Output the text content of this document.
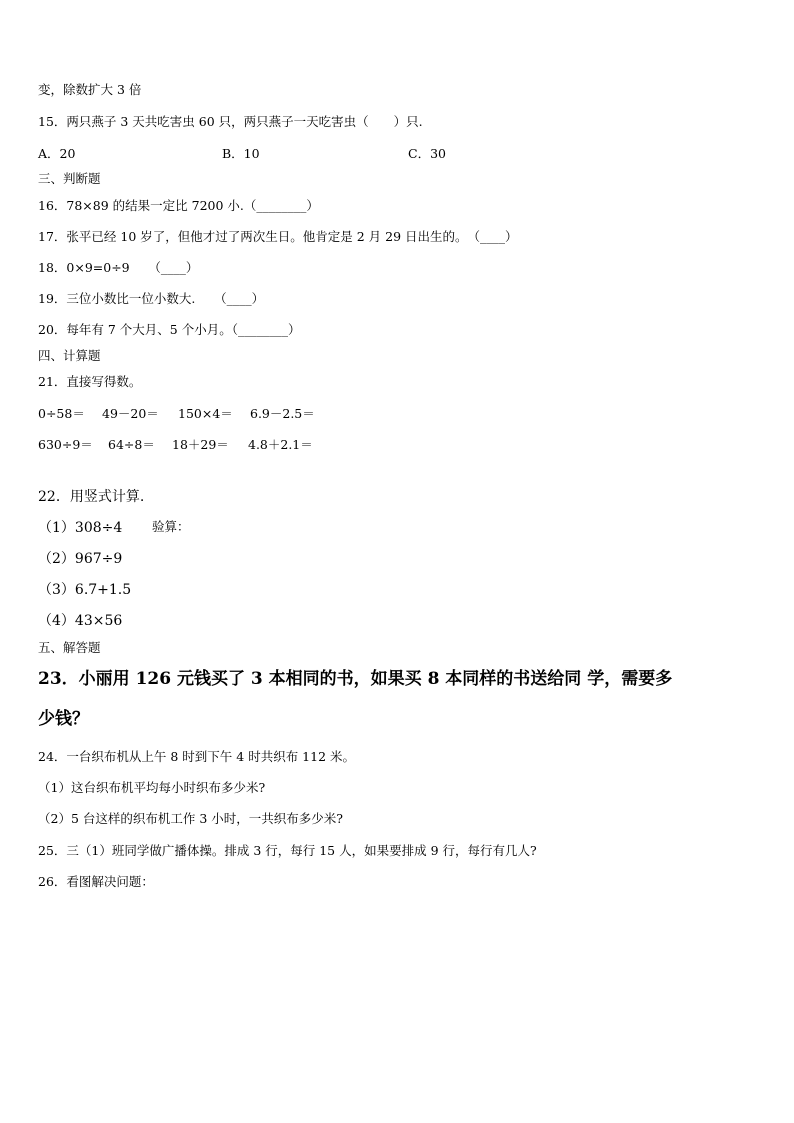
变，除数扩大 3 倍
15．两只燕子 3 天共吃害虫 60 只，两只燕子一天吃害虫（　　）只.
A．20	B．10	C．30
三、判断题
16．78×89 的结果一定比 7200 小.（________）
17．张平已经 10 岁了，但他才过了两次生日。他肯定是 2 月 29 日出生的。　（____）
18．0×9=0÷9　　（____）
19．三位小数比一位小数大.　　（____）
20．每年有 7 个大月、5 个小月。（________）
四、计算题
21．直接写得数。
0÷58＝ 49－20＝ 150×4＝ 6.9－2.5＝
630÷9＝ 64÷8＝ 18＋29＝ 4.8＋2.1＝
22．用竖式计算.
（1）308÷4 验算：
（2）967÷9
（3）6.7+1.5
（4）43×56
五、解答题
23．小丽用 126 元钱买了 3 本相同的书，如果买 8 本同样的书送给同 学，需要多
少钱？
24．一台织布机从上午 8 时到下午 4 时共织布 112 米。
（1）这台织布机平均每小时织布多少米?
（2）5 台这样的织布机工作 3 小时，一共织布多少米?
25．三（1）班同学做广播体操。排成 3 行，每行 15 人，如果要排成 9 行，每行有几人?
26．看图解决问题：
